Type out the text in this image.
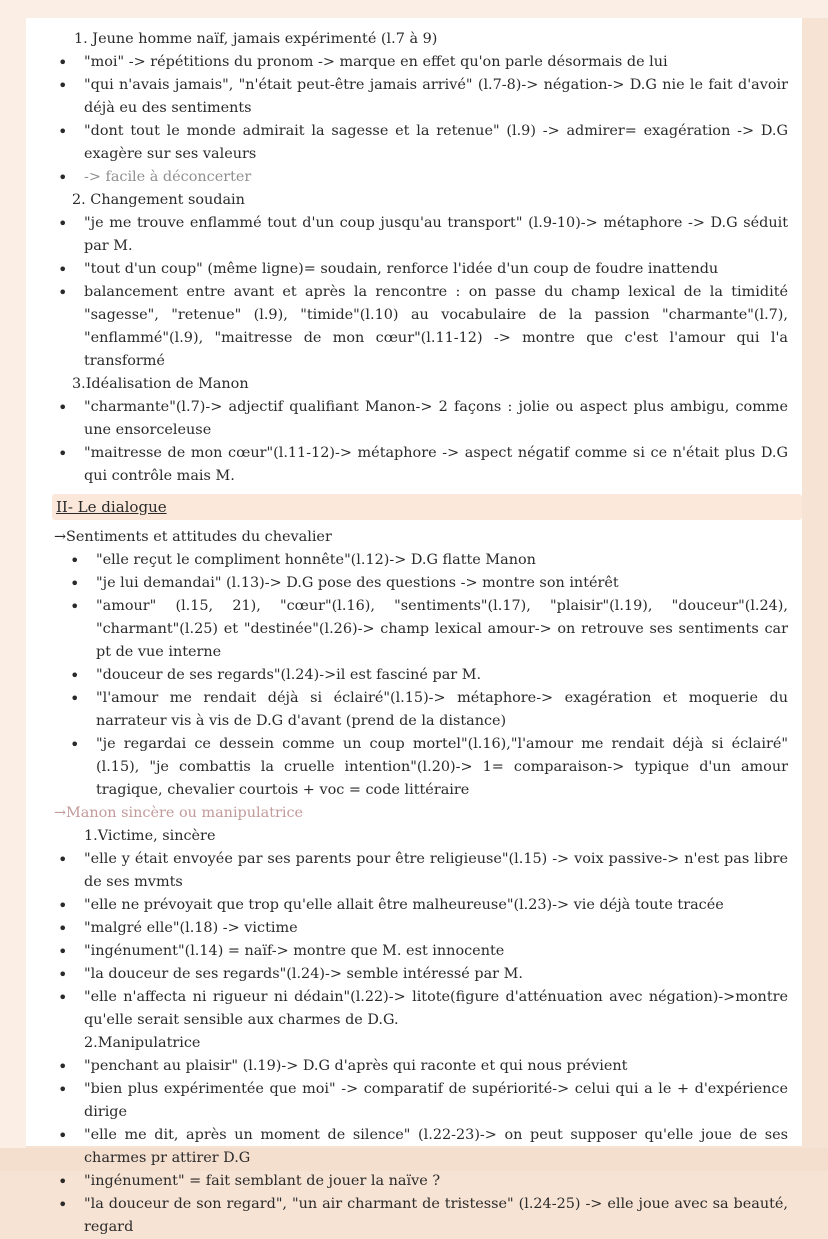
1. Jeune homme naïf, jamais expérimenté (l.7 à 9)

• "moi" -> répétitions du pronom -> marque en effet qu'on parle désormais de lui
• "qui n'avais jamais", "n'était peut-être jamais arrivé" (l.7-8)-> négation-> D.G nie le fait d'avoir déjà eu des sentiments
• "dont tout le monde admirait la sagesse et la retenue" (l.9) -> admirer= exagération -> D.G exagère sur ses valeurs
• -> facile à déconcerter

2. Changement soudain

• "je me trouve enflammé tout d'un coup jusqu'au transport" (l.9-10)-> métaphore -> D.G séduit par M.
• "tout d'un coup" (même ligne)= soudain, renforce l'idée d'un coup de foudre inattendu
• balancement entre avant et après la rencontre : on passe du champ lexical de la timidité "sagesse", "retenue" (l.9), "timide"(l.10) au vocabulaire de la passion "charmante"(l.7), "enflammé"(l.9), "maitresse de mon cœur"(l.11-12) -> montre que c'est l'amour qui l'a transformé

3.Idéalisation de Manon

• "charmante"(l.7)-> adjectif qualifiant Manon-> 2 façons : jolie ou aspect plus ambigu, comme une ensorceleuse
• "maitresse de mon cœur"(l.11-12)-> métaphore -> aspect négatif comme si ce n'était plus D.G qui contrôle mais M.
II- Le dialogue

→Sentiments et attitudes du chevalier

• "elle reçut le compliment honnête"(l.12)-> D.G flatte Manon
• "je lui demandai" (l.13)-> D.G pose des questions -> montre son intérêt
• "amour" (l.15, 21), "cœur"(l.16), "sentiments"(l.17), "plaisir"(l.19), "douceur"(l.24), "charmant"(l.25) et "destinée"(l.26)-> champ lexical amour-> on retrouve ses sentiments car pt de vue interne
• "douceur de ses regards"(l.24)->il est fasciné par M.
• "l'amour me rendait déjà si éclairé"(l.15)-> métaphore-> exagération et moquerie du narrateur vis à vis de D.G d'avant (prend de la distance)
• "je regardai ce dessein comme un coup mortel"(l.16),"l'amour me rendait déjà si éclairé"(l.15), "je combattis la cruelle intention"(l.20)-> 1= comparaison-> typique d'un amour tragique, chevalier courtois + voc = code littéraire

→Manon sincère ou manipulatrice

1.Victime, sincère

• "elle y était envoyée par ses parents pour être religieuse"(l.15) -> voix passive-> n'est pas libre de ses mvmts
• "elle ne prévoyait que trop qu'elle allait être malheureuse"(l.23)-> vie déjà toute tracée
• "malgré elle"(l.18) -> victime
• "ingénument"(l.14) = naïf-> montre que M. est innocente
• "la douceur de ses regards"(l.24)-> semble intéressé par M.
• "elle n'affecta ni rigueur ni dédain"(l.22)-> litote(figure d'atténuation avec négation)->montre qu'elle serait sensible aux charmes de D.G.

2.Manipulatrice

• "penchant au plaisir" (l.19)-> D.G d'après qui raconte et qui nous prévient
• "bien plus expérimentée que moi" -> comparatif de supériorité-> celui qui a le + d'expérience dirige
• "elle me dit, après un moment de silence" (l.22-23)-> on peut supposer qu'elle joue de ses charmes pr attirer D.G
• "ingénument" = fait semblant de jouer la naïve ?
• "la douceur de son regard", "un air charmant de tristesse" (l.24-25) -> elle joue avec sa beauté, regard
